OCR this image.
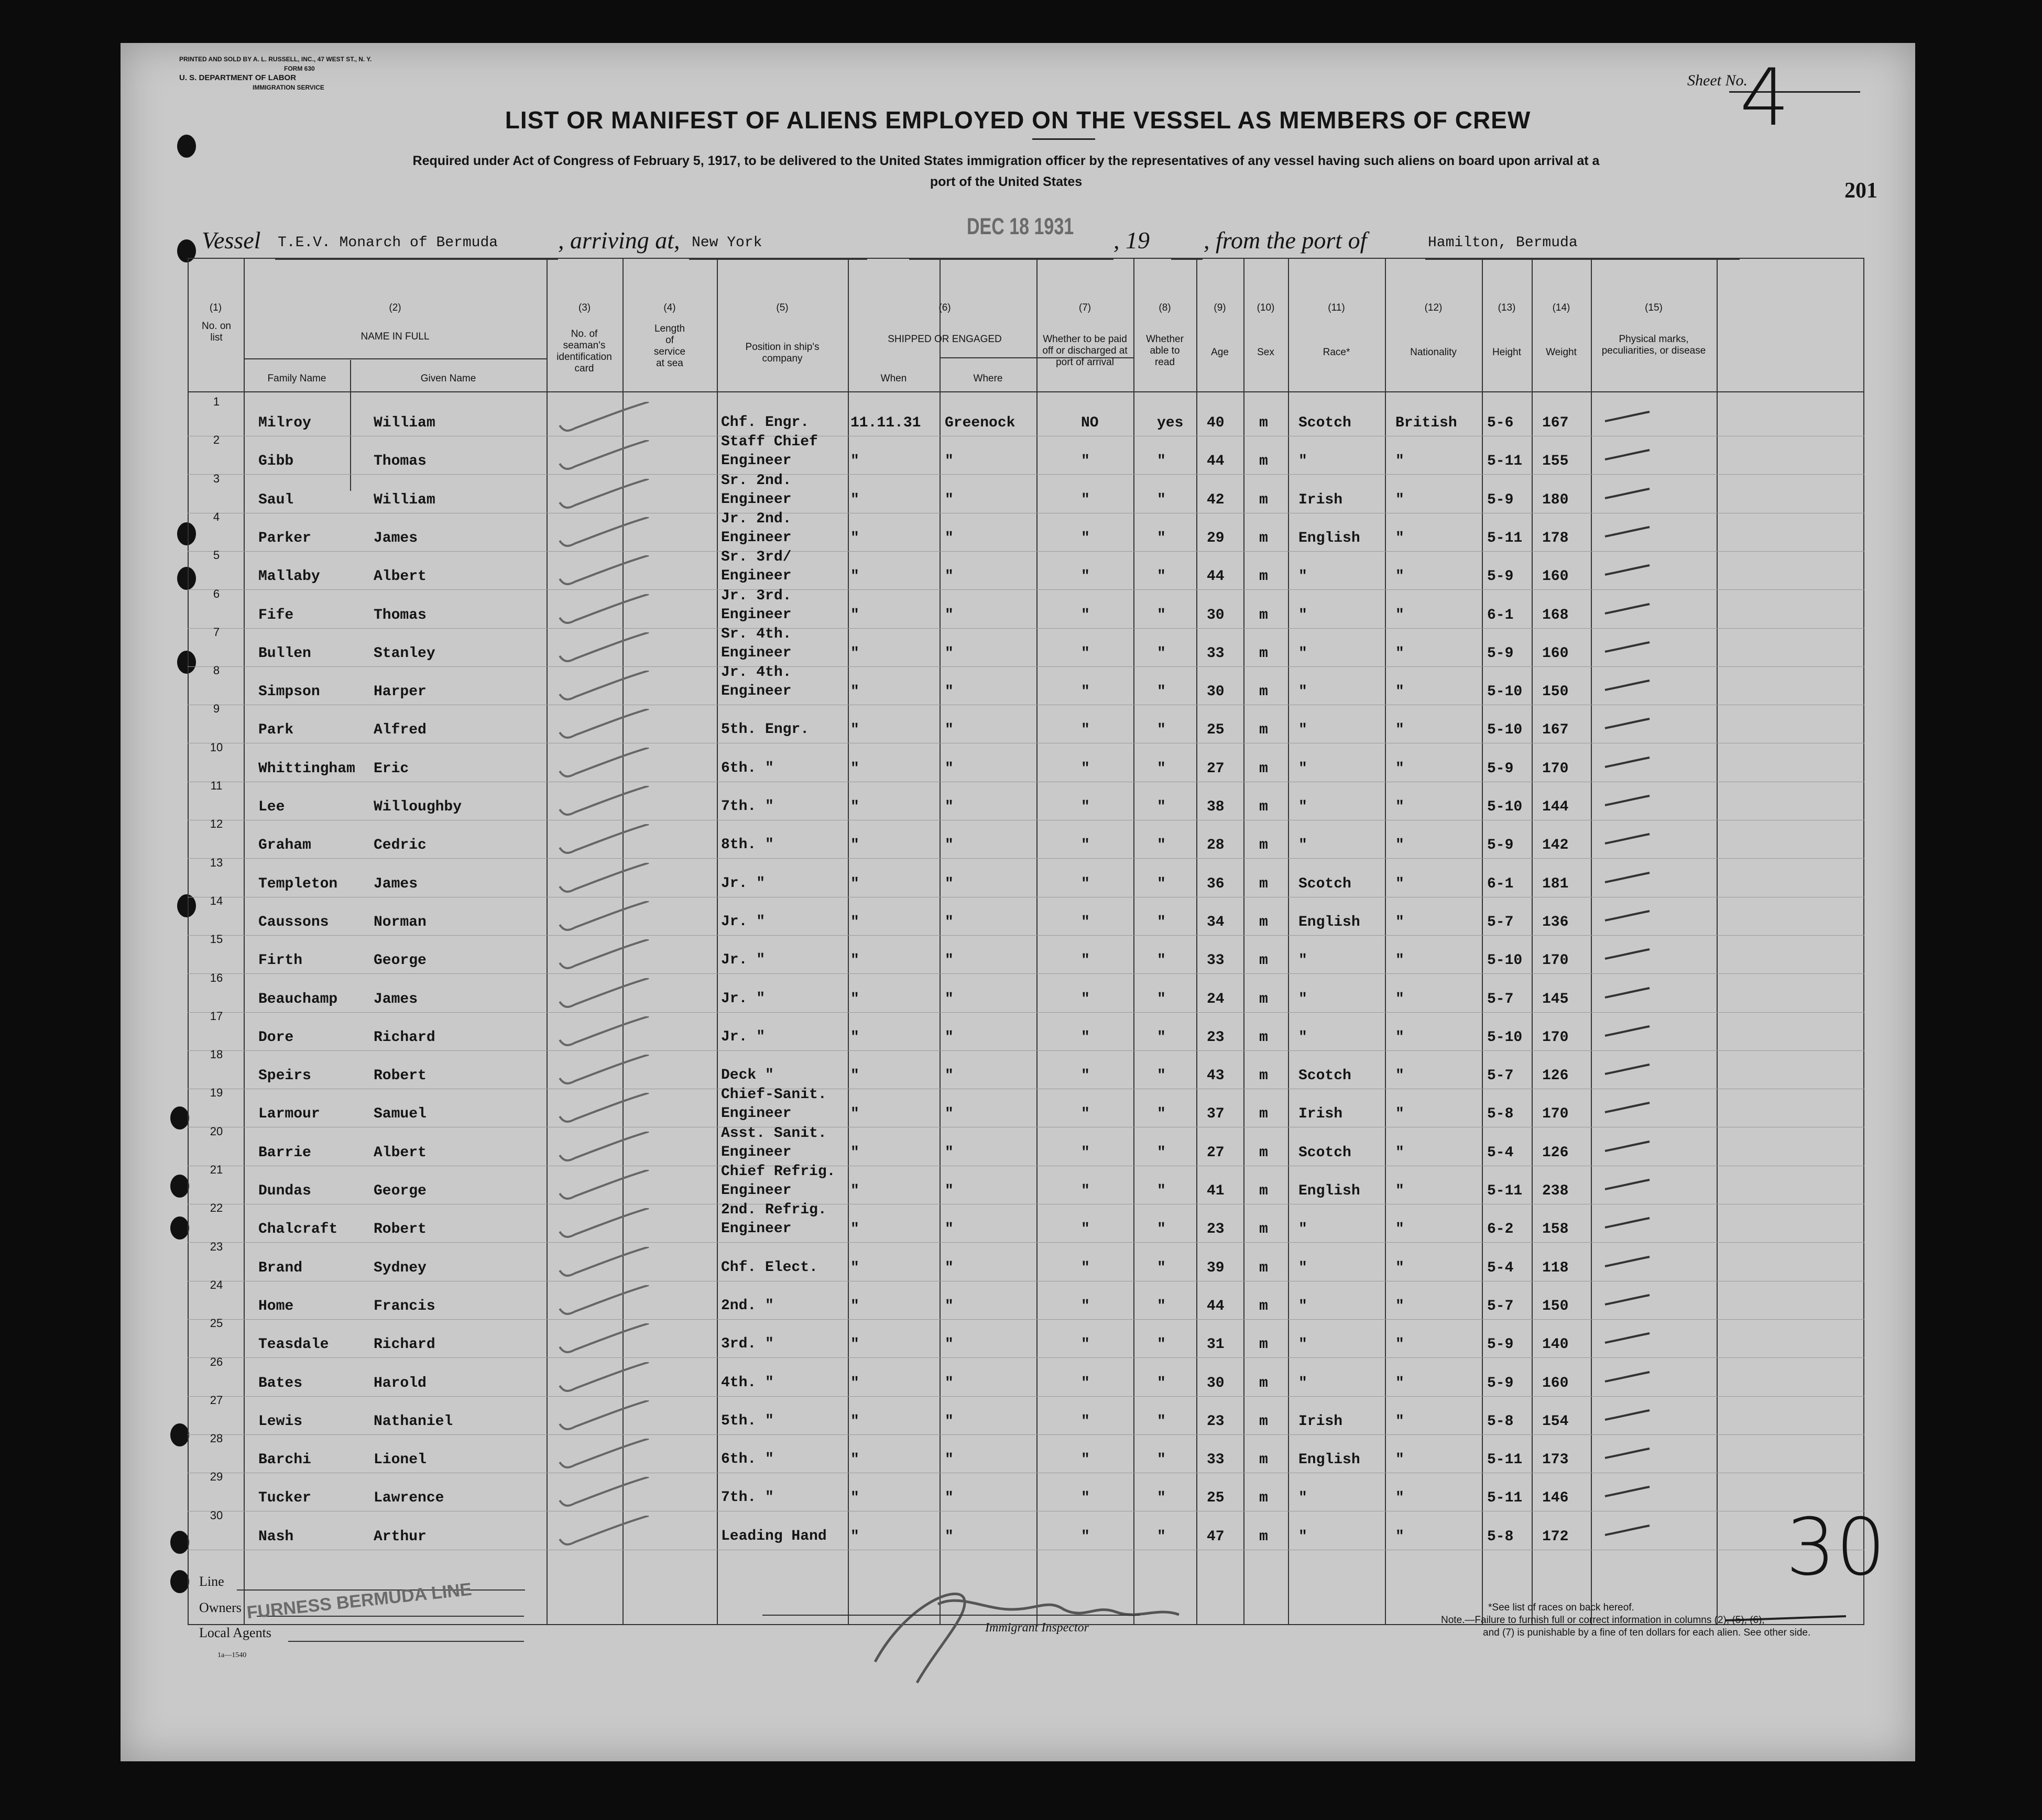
PRINTED AND SOLD BY A. L. RUSSELL, INC., 47 WEST ST., N. Y.
FORM 630
U. S. DEPARTMENT OF LABOR
IMMIGRATION SERVICE	Sheet No.
4
LIST OR MANIFEST OF ALIENS EMPLOYED ON THE VESSEL AS MEMBERS OF CREW
Required under Act of Congress of February 5, 1917, to be delivered to the United States immigration officer by the representatives of any vessel having such aliens on board upon arrival at a
port of the United States	201
Vessel T.E.V. Monarch of Bermuda , arriving at, New York
DEC 18 1931
, 19 , from the port of	Hamilton, Bermuda
(1)
No. on list
(2)
NAME IN FULL
Family Name	Given Name
(3)
No. of seaman's identification card
(4)
Length of service at sea
(5)
Position in ship's company
(6)
SHIPPED OR ENGAGED
When	Where
(7)
Whether to be paid off or discharged at port of arrival
(8)
Whether able to read
(9)
Age
(10)
Sex
(11)
Race*
(12)
Nationality
(13)
Height
(14)
Weight
(15)
Physical marks, peculiarities, or disease
1
Milroy	William	11.11.31 Greenock	NO	yes 40 m Scotch	British 5-6 167
Chf. Engr.
2
Gibb	Thomas	"	"	"	"	44 m "	"	5-11 155
Staff Chief
Engineer
3
Saul	William	"	"	"	"	42 m Irish	"	5-9 180
Sr. 2nd.
Engineer
4
Parker	James	"	"	"	"	29 m English "	5-11 178
Jr. 2nd.
Engineer
5
Mallaby	Albert	"	"	"	"	44 m "	"	5-9 160
Sr. 3rd/
Engineer
6
Fife	Thomas	"	"	"	"	30 m "	"	6-1 168
Jr. 3rd.
Engineer
7
Bullen	Stanley	"	"	"	"	33 m "	"	5-9 160
Sr. 4th.
Engineer
8
Simpson	Harper	"	"	"	"	30 m "	"	5-10 150
Jr. 4th.
Engineer
9
Park	Alfred	"	"	"	"	25 m "	"	5-10 167
5th. Engr.
10
Whittingham Eric	"	"	"	"	27 m "	"	5-9 170
6th. "
11
Lee	Willoughby	"	"	"	"	38 m "	"	5-10 144
7th. "
12
Graham	Cedric	"	"	"	"	28 m "	"	5-9 142
8th. "
13
Templeton James	"	"	"	"	36 m Scotch	"	6-1 181
Jr. "
14
Caussons	Norman	"	"	"	"	34 m English "	5-7 136
Jr. "
15
Firth	George	"	"	"	"	33 m "	"	5-10 170
Jr. "
16
Beauchamp James	"	"	"	"	24 m "	"	5-7 145
Jr. "
17
Dore	Richard	"	"	"	"	23 m "	"	5-10 170
Jr. "
18
Speirs	Robert	"	"	"	"	43 m Scotch	"	5-7 126
Deck "
19
Larmour	Samuel	"	"	"	"	37 m Irish	"	5-8 170
Chief-Sanit.
Engineer
20
Barrie	Albert	"	"	"	"	27 m Scotch	"	5-4 126
Asst. Sanit.
Engineer
21
Dundas	George	"	"	"	"	41 m English "	5-11 238
Chief Refrig.
Engineer
22
Chalcraft Robert	"	"	"	"	23 m "	"	6-2 158
2nd. Refrig.
Engineer
23
Brand	Sydney	"	"	"	"	39 m "	"	5-4 118
Chf. Elect.
24
Home	Francis	"	"	"	"	44 m "	"	5-7 150
2nd. "
25
Teasdale	Richard	"	"	"	"	31 m "	"	5-9 140
3rd. "
26
Bates	Harold	"	"	"	"	30 m "	"	5-9 160
4th. "
27
Lewis	Nathaniel	"	"	"	"	23 m Irish	"	5-8 154
5th. "
28
Barchi	Lionel	"	"	"	"	33 m English "	5-11 173
6th. "
29
Tucker	Lawrence	"	"	"	"	25 m "	"	5-11 146
7th. "
30
Nash	Arthur	"	"	"	"	47 m "	"	5-8 172
Leading Hand	30
Line
Owners FURNESS BERMUDA LINE
Local Agents
1a—1540
Immigrant Inspector
*See list of races on back hereof.
Note.—Failure to furnish full or correct information in columns (2), (5), (6),
and (7) is punishable by a fine of ten dollars for each alien. See other side.
